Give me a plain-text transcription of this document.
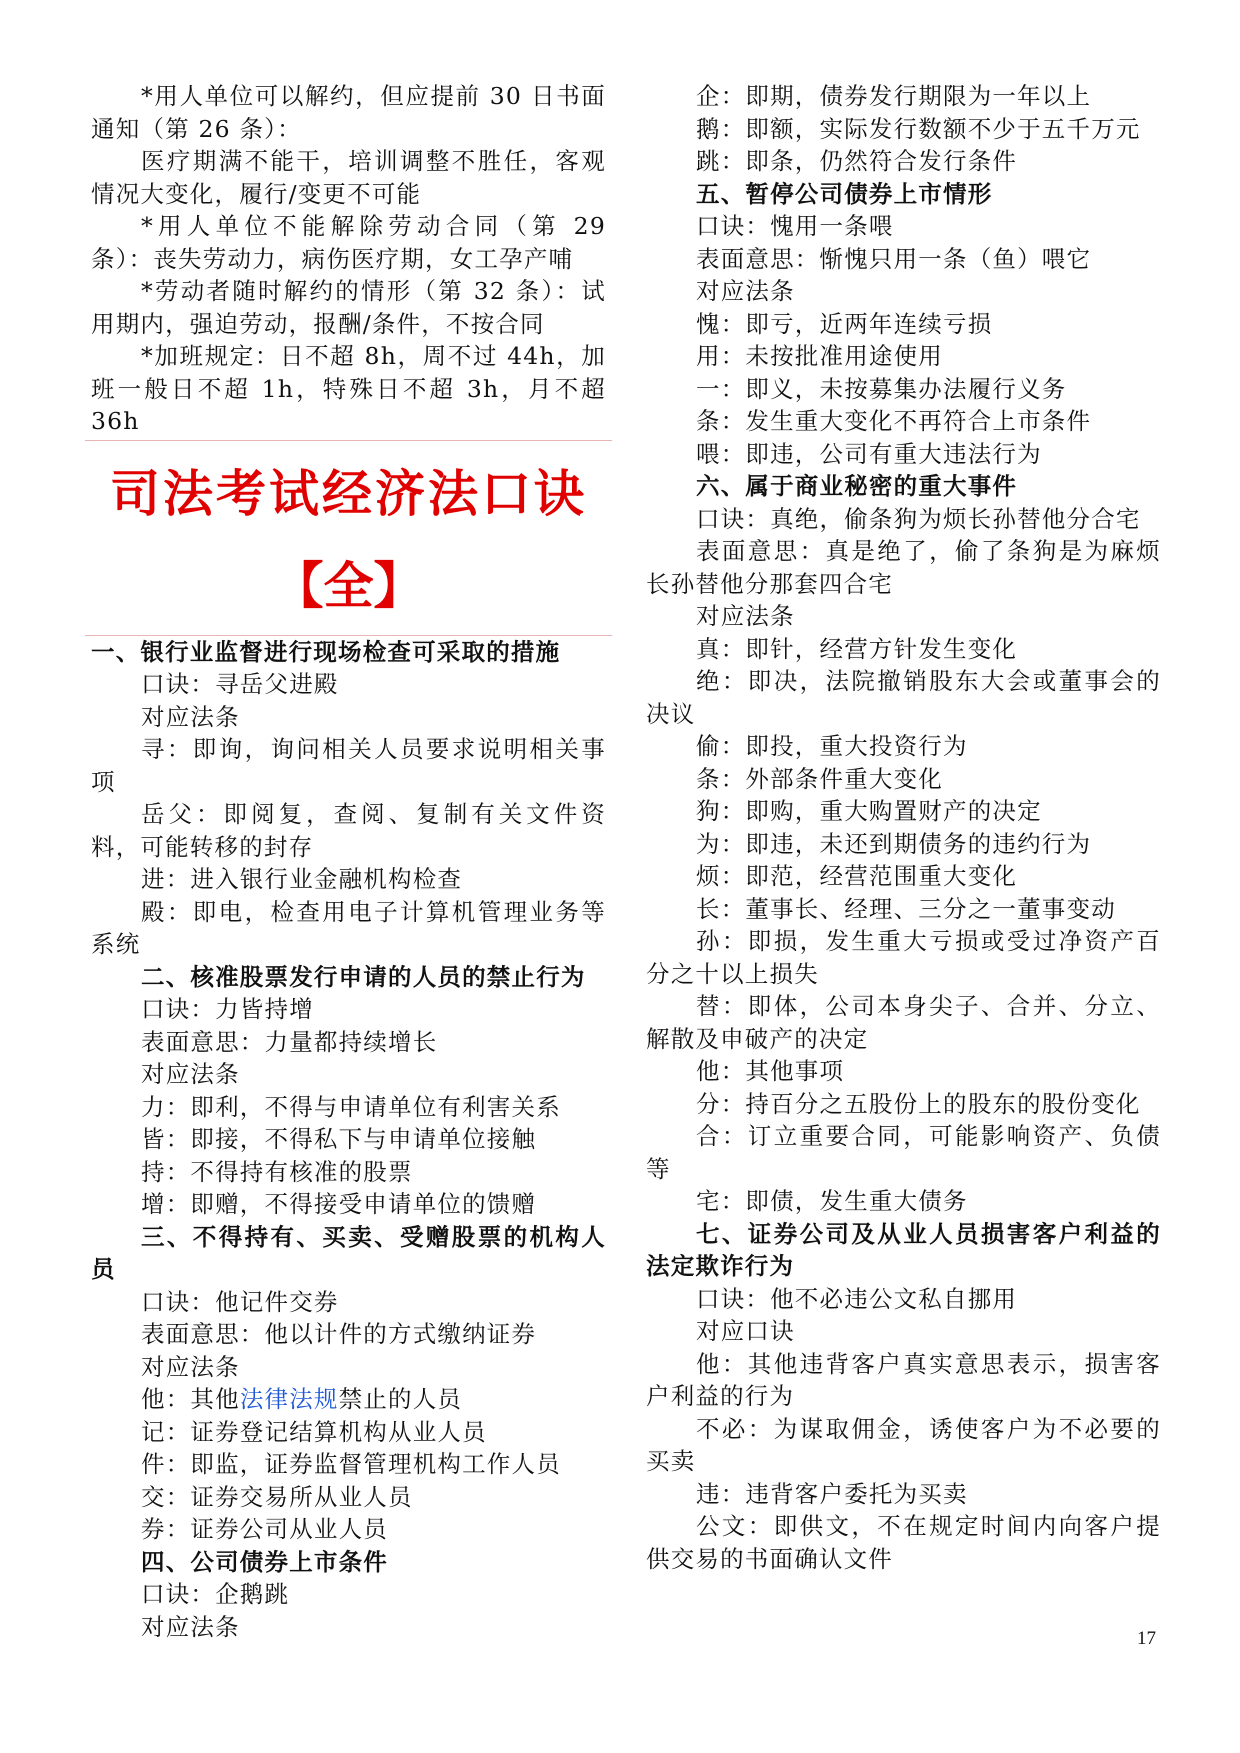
*用人单位可以解约，但应提前 30 日书面通知（第 26 条）：

医疗期满不能干，培训调整不胜任，客观情况大变化，履行/变更不可能

*用人单位不能解除劳动合同（第 29 条）：丧失劳动力，病伤医疗期，女工孕产哺

*劳动者随时解约的情形（第 32 条）：试用期内，强迫劳动，报酬/条件，不按合同

*加班规定：日不超 8h，周不过 44h，加班一般日不超 1h，特殊日不超 3h，月不超 36h

司法考试经济法口诀
【全】

一、银行业监督进行现场检查可采取的措施

口诀：寻岳父进殿

对应法条

寻：即询，询问相关人员要求说明相关事项

岳父：即阅复，查阅、复制有关文件资料，可能转移的封存

进：进入银行业金融机构检查

殿：即电，检查用电子计算机管理业务等系统

二、核准股票发行申请的人员的禁止行为

口诀：力皆持增

表面意思：力量都持续增长

对应法条

力：即利，不得与申请单位有利害关系

皆：即接，不得私下与申请单位接触

持：不得持有核准的股票

增：即赠，不得接受申请单位的馈赠

三、不得持有、买卖、受赠股票的机构人员

口诀：他记件交券

表面意思：他以计件的方式缴纳证券

对应法条

他：其他法律法规禁止的人员

记：证券登记结算机构从业人员

件：即监，证券监督管理机构工作人员

交：证券交易所从业人员

券：证券公司从业人员

四、公司债券上市条件

口诀：企鹅跳

对应法条

企：即期，债券发行期限为一年以上

鹅：即额，实际发行数额不少于五千万元

跳：即条，仍然符合发行条件

五、暂停公司债券上市情形

口诀：愧用一条喂

表面意思：惭愧只用一条（鱼）喂它

对应法条

愧：即亏，近两年连续亏损

用：未按批准用途使用

一：即义，未按募集办法履行义务

条：发生重大变化不再符合上市条件

喂：即违，公司有重大违法行为

六、属于商业秘密的重大事件

口诀：真绝，偷条狗为烦长孙替他分合宅

表面意思：真是绝了，偷了条狗是为麻烦长孙替他分那套四合宅

对应法条

真：即针，经营方针发生变化

绝：即决，法院撤销股东大会或董事会的决议

偷：即投，重大投资行为

条：外部条件重大变化

狗：即购，重大购置财产的决定

为：即违，未还到期债务的违约行为

烦：即范，经营范围重大变化

长：董事长、经理、三分之一董事变动

孙：即损，发生重大亏损或受过净资产百分之十以上损失

替：即体，公司本身尖子、合并、分立、解散及申破产的决定

他：其他事项

分：持百分之五股份上的股东的股份变化

合：订立重要合同，可能影响资产、负债等

宅：即债，发生重大债务

七、证券公司及从业人员损害客户利益的法定欺诈行为

口诀：他不必违公文私自挪用

对应口诀

他：其他违背客户真实意思表示，损害客户利益的行为

不必：为谋取佣金，诱使客户为不必要的买卖

违：违背客户委托为买卖

公文：即供文，不在规定时间内向客户提供交易的书面确认文件

17
